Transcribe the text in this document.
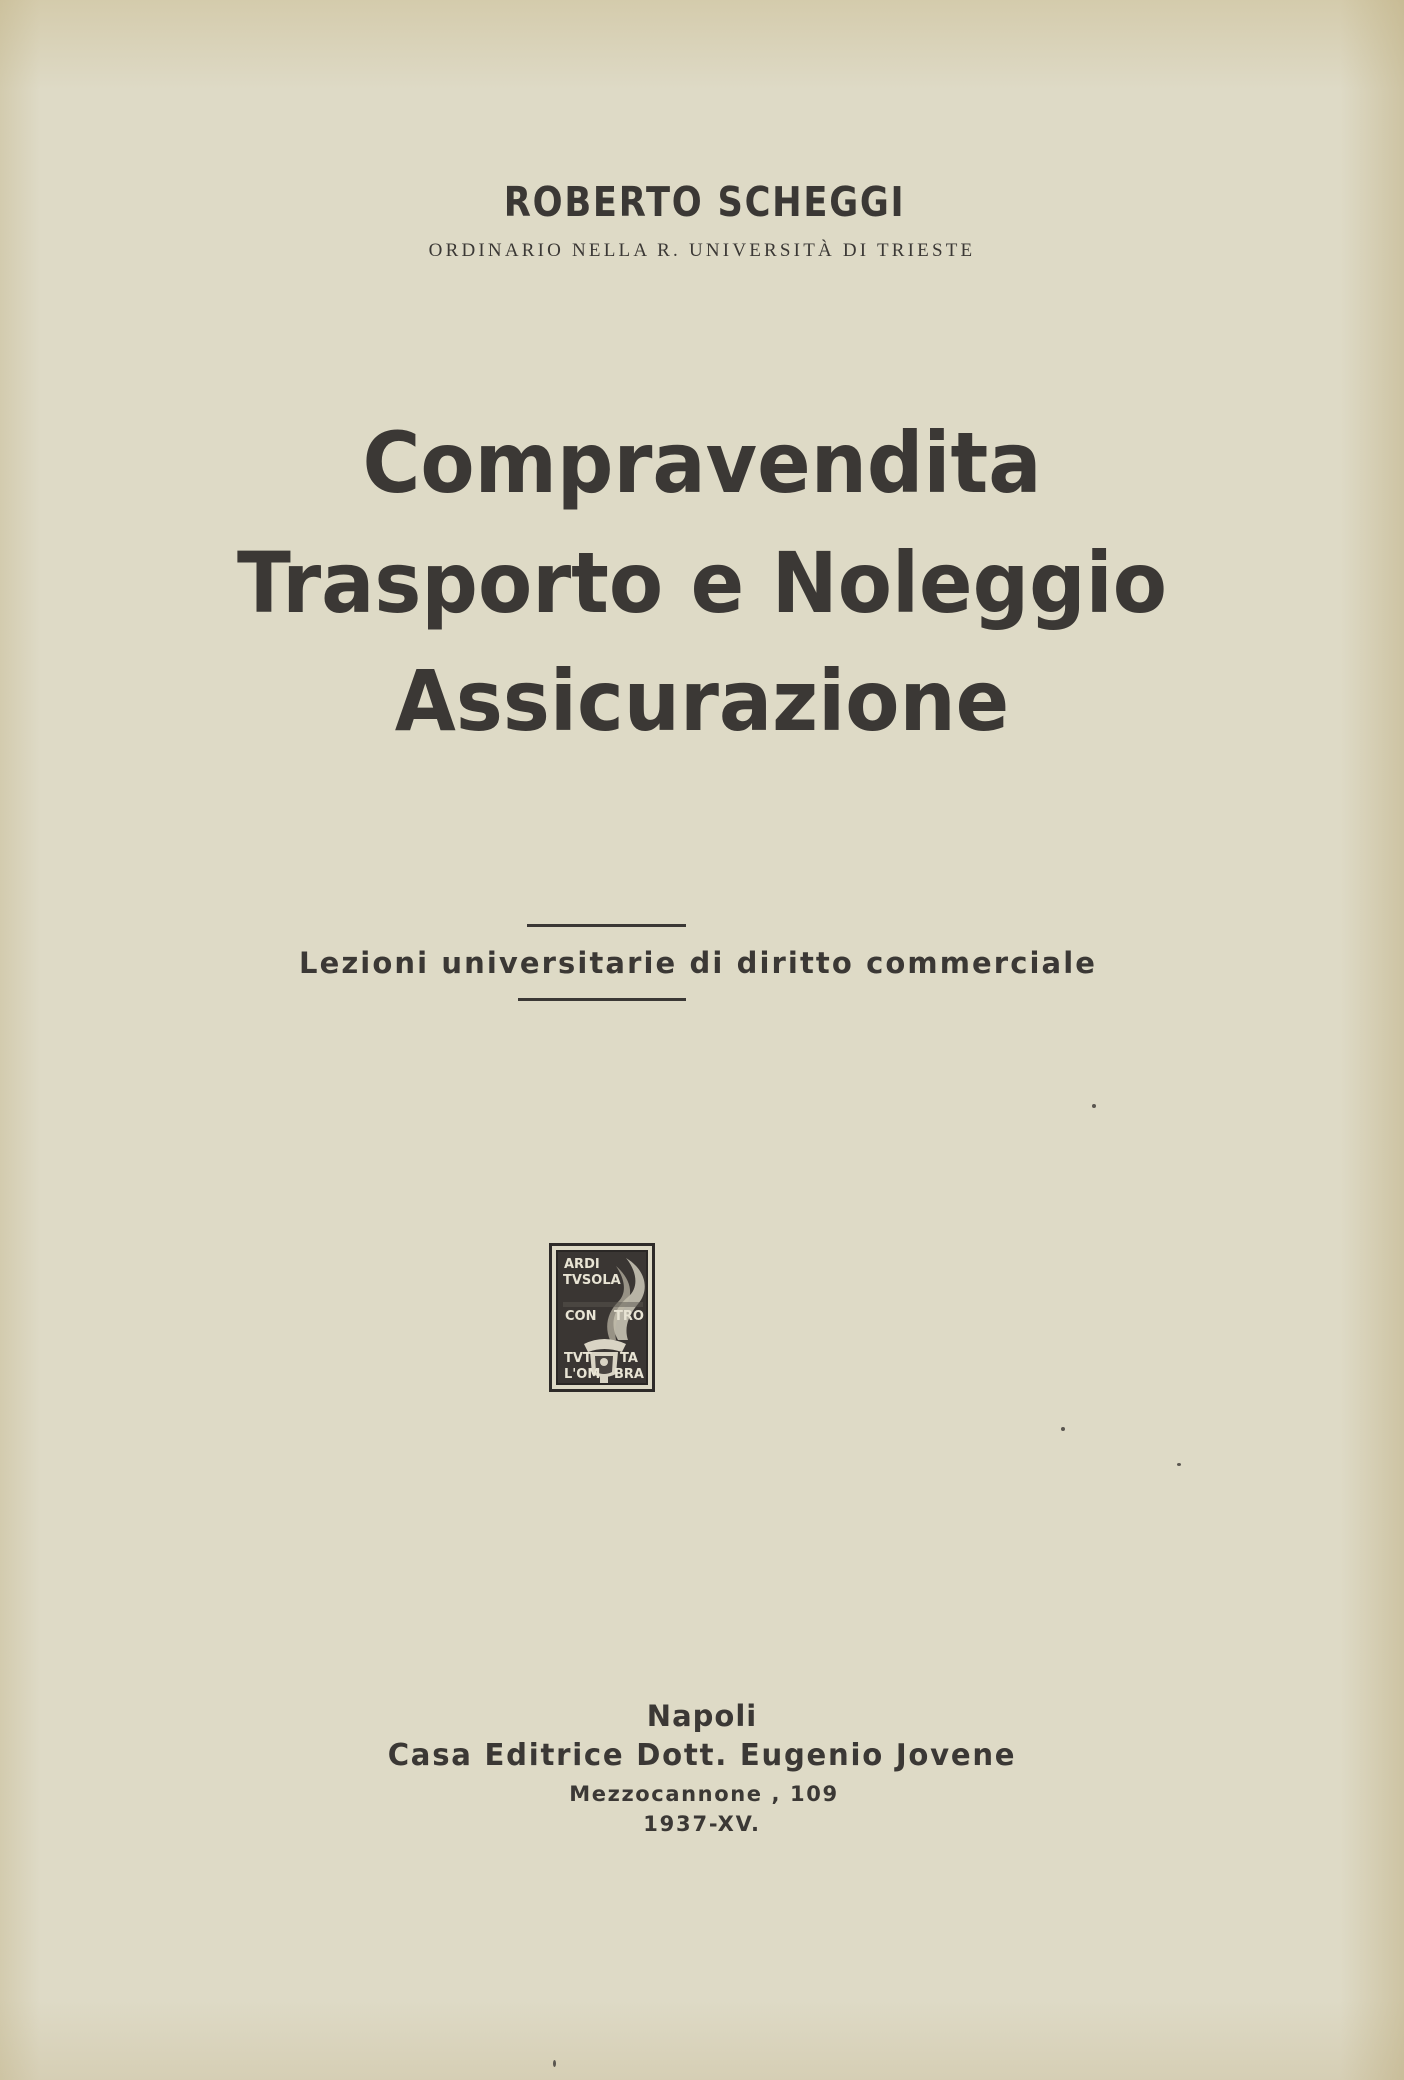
ROBERTO SCHEGGI
ORDINARIO NELLA R. UNIVERSITÀ DI TRIESTE
Compravendita
Trasporto e Noleggio
Assicurazione
Lezioni universitarie di diritto commerciale
ARDI
TVSOLA
CON TRO
TVT TA
L'OM BRA
Napoli
Casa Editrice Dott. Eugenio Jovene
Mezzocannone , 109
1937-XV.
